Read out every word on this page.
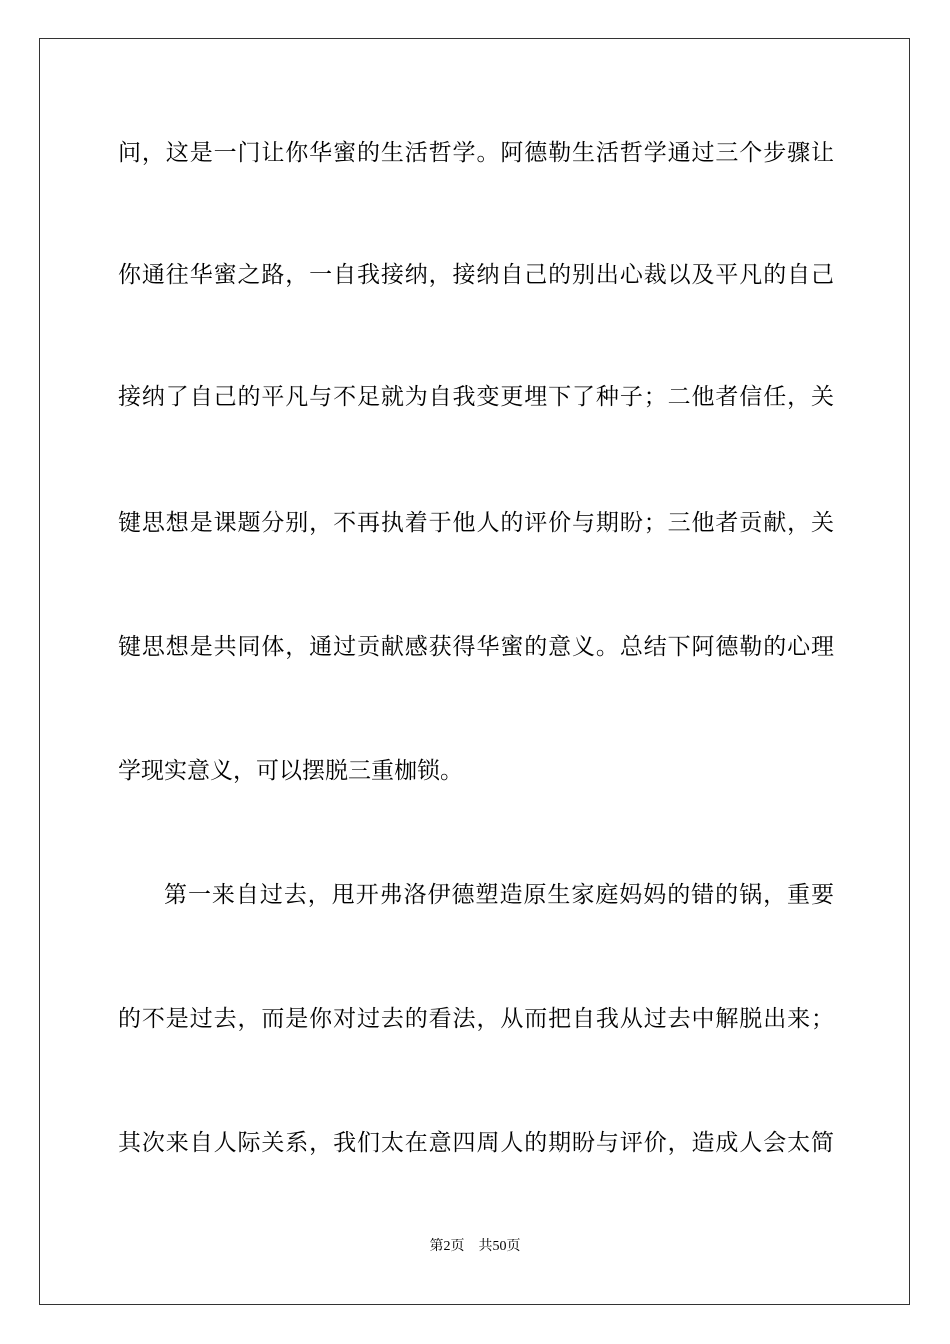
问，这是一门让你华蜜的生活哲学。阿德勒生活哲学通过三个步骤让
你通往华蜜之路，一自我接纳，接纳自己的别出心裁以及平凡的自己
接纳了自己的平凡与不足就为自我变更埋下了种子；二他者信任，关
键思想是课题分别，不再执着于他人的评价与期盼；三他者贡献，关
键思想是共同体，通过贡献感获得华蜜的意义。总结下阿德勒的心理
学现实意义，可以摆脱三重枷锁。
第一来自过去，甩开弗洛伊德塑造原生家庭妈妈的错的锅，重要
的不是过去，而是你对过去的看法，从而把自我从过去中解脱出来；
其次来自人际关系，我们太在意四周人的期盼与评价，造成人会太简
第2页 共50页
